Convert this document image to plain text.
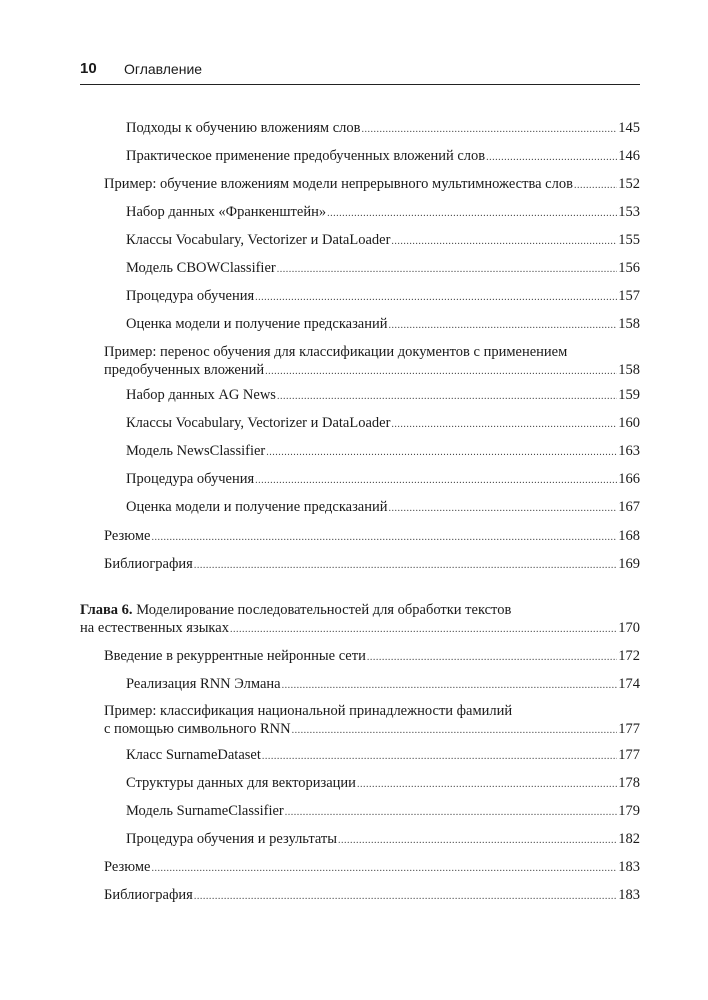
10 Оглавление
Подходы к обучению вложениям слов .....	145
Практическое применение предобученных вложений слов .....	146
Пример: обучение вложениям модели непрерывного мультимножества слов .....	152
Набор данных «Франкенштейн» .....	153
Классы Vocabulary, Vectorizer и DataLoader .....	155
Модель CBOWClassifier .....	156
Процедура обучения .....	157
Оценка модели и получение предсказаний .....	158
Пример: перенос обучения для классификации документов с применением
предобученных вложений .....	158
Набор данных AG News .....	159
Классы Vocabulary, Vectorizer и DataLoader .....	160
Модель NewsClassifier .....	163
Процедура обучения .....	166
Оценка модели и получение предсказаний .....	167
Резюме .....	168
Библиография .....	169
Глава 6. Моделирование последовательностей для обработки текстов
на естественных языках .....	170
Введение в рекуррентные нейронные сети .....	172
Реализация RNN Элмана .....	174
Пример: классификация национальной принадлежности фамилий
с помощью символьного RNN .....	177
Класс SurnameDataset .....	177
Структуры данных для векторизации .....	178
Модель SurnameClassifier .....	179
Процедура обучения и результаты .....	182
Резюме .....	183
Библиография .....	183
